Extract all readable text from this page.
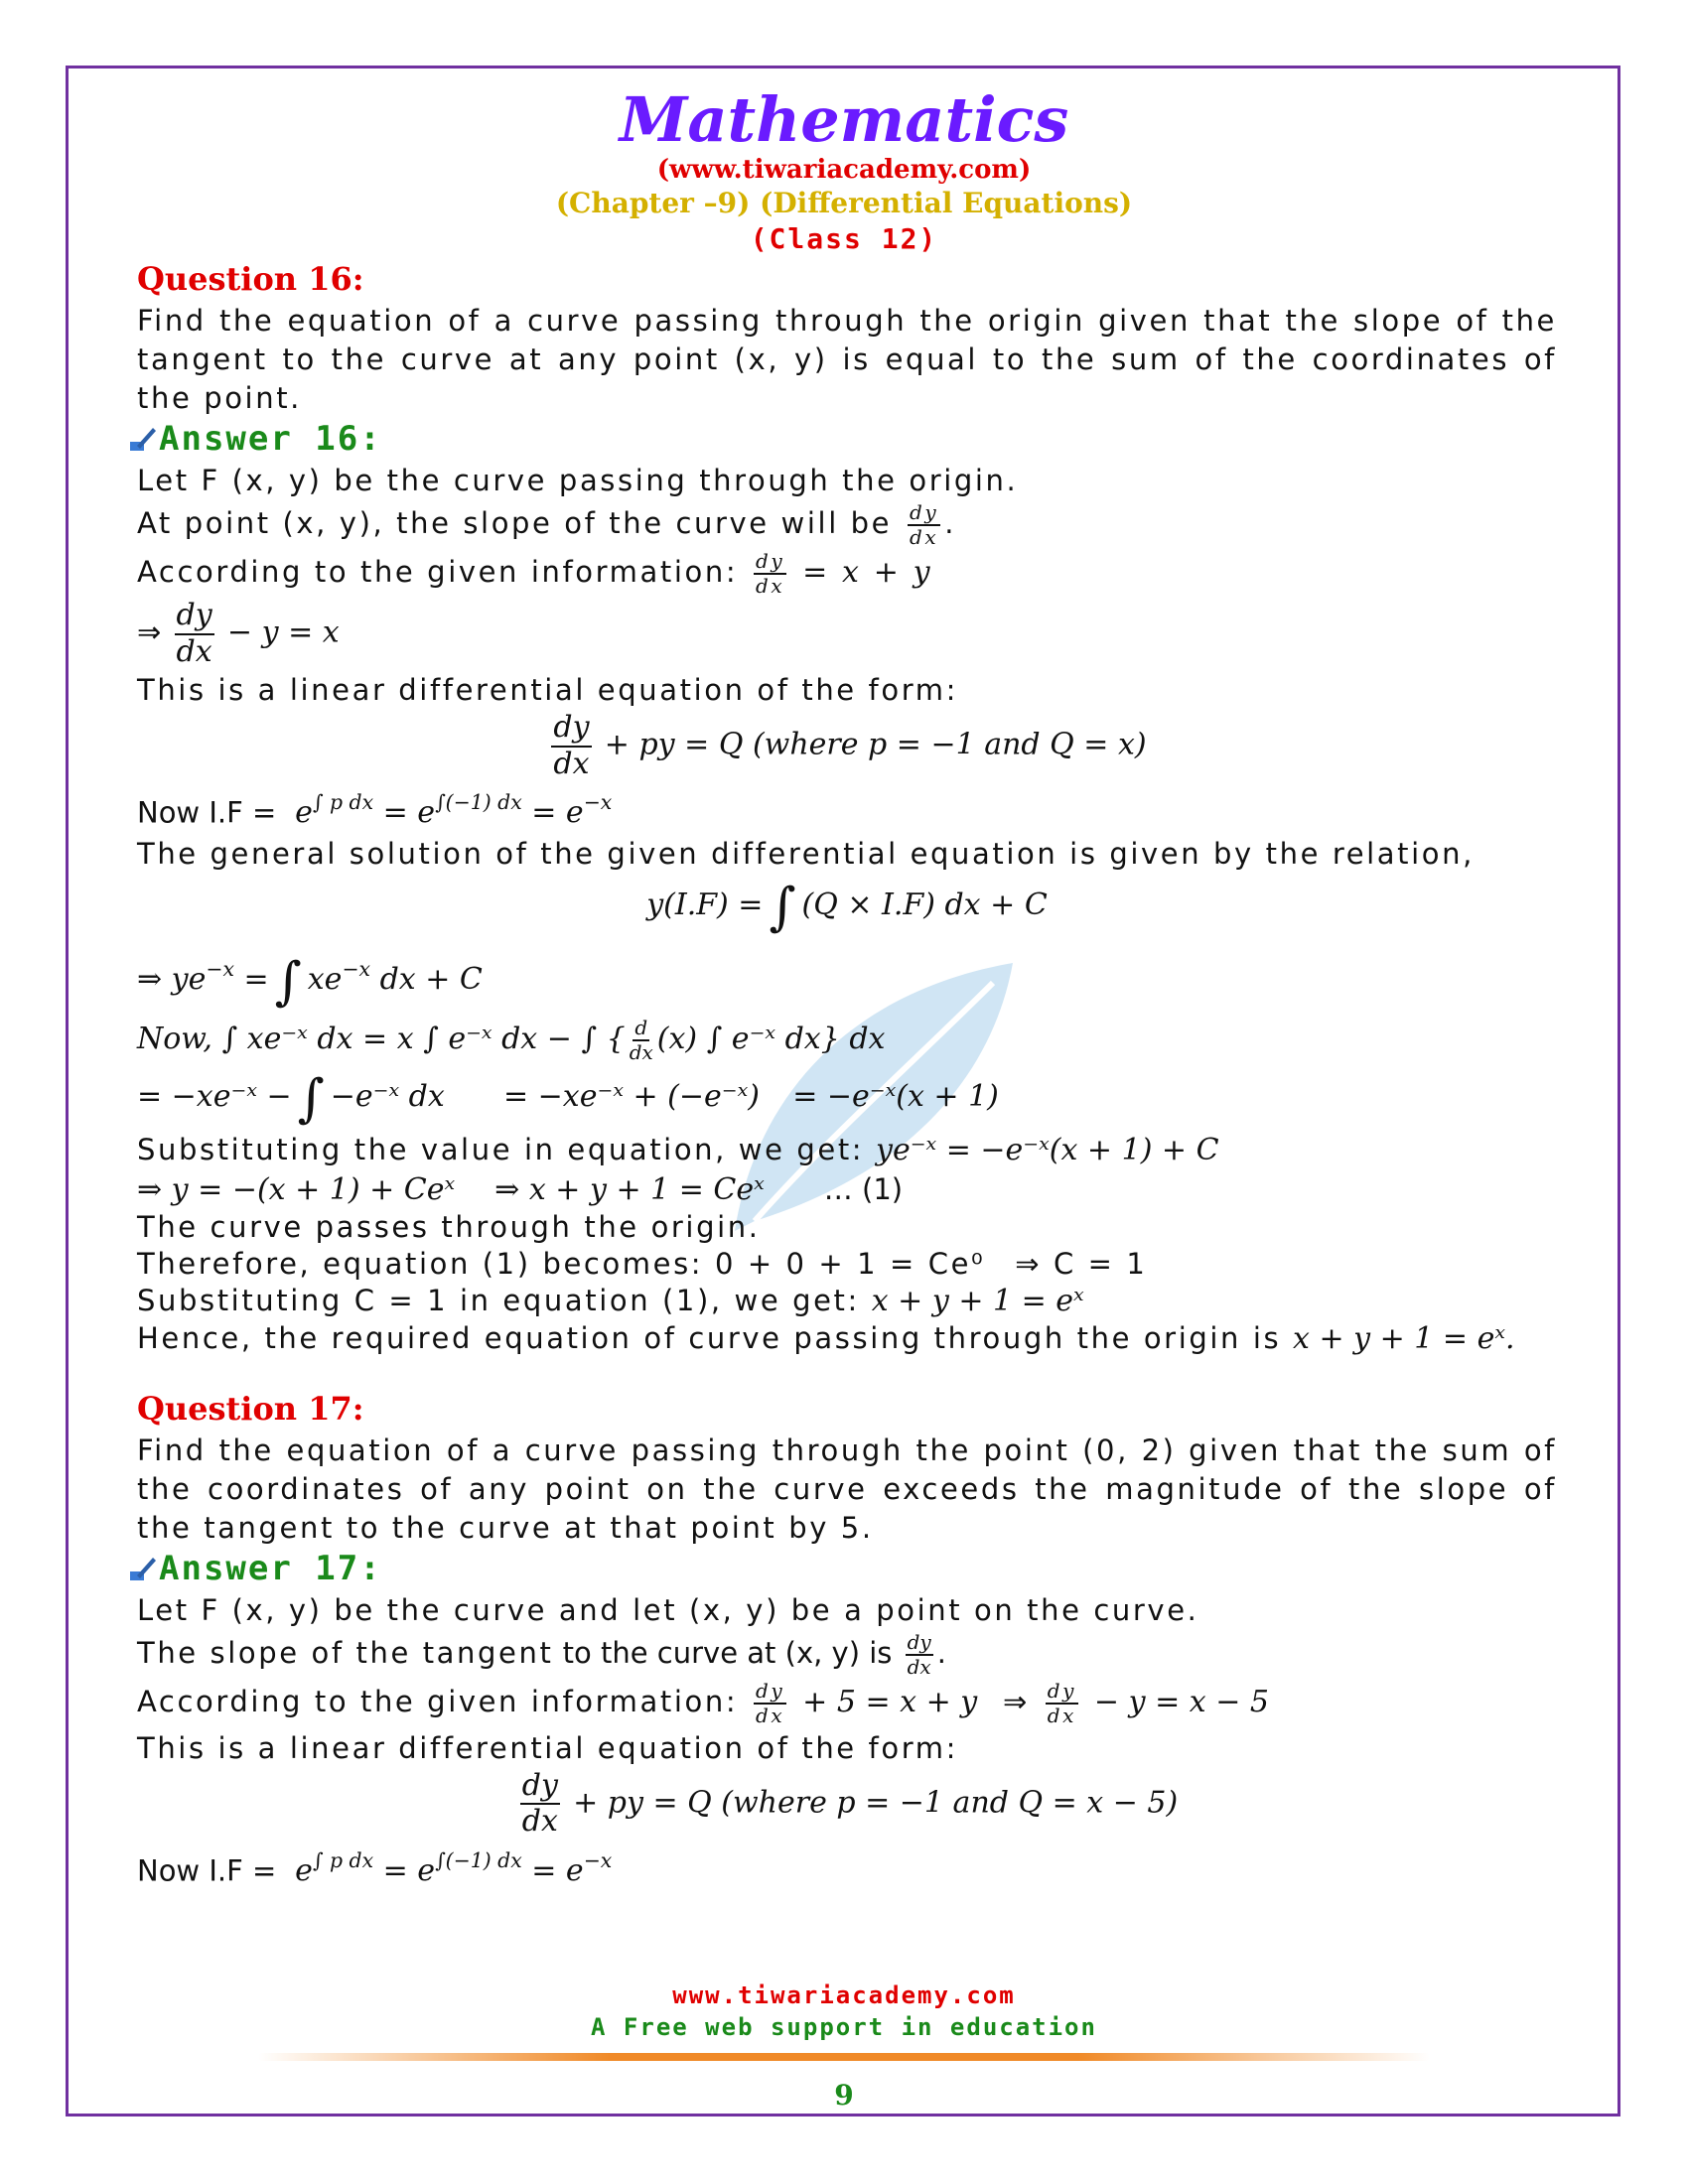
Mathematics
(www.tiwariacademy.com)
(Chapter –9) (Differential Equations)
(Class 12)
Question 16:
Find the equation of a curve passing through the origin given that the slope of the tangent to the curve at any point (x, y) is equal to the sum of the coordinates of the point.
Answer 16:
Let F (x, y) be the curve passing through the origin.
At point (x, y), the slope of the curve will be $\frac{dy}{dx}$ .
According to the given information: $\frac{dy}{dx} = x + y$
⇒ $\frac{dy}{dx} - y = x$
This is a linear differential equation of the form:
$\frac{dy}{dx}$ + py = Q (where p = −1 and Q = x)
Now $I.F = e^{\int p dx} = e^{\int(-1) dx} = e^{-x}$
The general solution of the given differential equation is given by the relation,
y(I.F) = ∫ (Q × I.F) dx + C
⇒ $ye^{-x}$ = ∫ $xe^{-x}$ dx + C
Now, ∫ xe⁻ˣ dx = x ∫ e⁻ˣ dx − ∫ { $\frac{d}{dx} (x)$ ∫ e⁻ˣ dx} dx
= −xe⁻ˣ − ∫ −e⁻ˣ dx = −xe⁻ˣ + (−e⁻ˣ) = −e⁻ˣ(x + 1)
Substituting the value in equation, we get: ye⁻ˣ = −e⁻ˣ(x + 1) + C
⇒ y = −(x + 1) + Ceˣ ⇒ x + y + 1 = Ceˣ … (1)
The curve passes through the origin.
Therefore, equation (1) becomes: 0 + 0 + 1 = Ce⁰ ⇒ C = 1
Substituting C = 1 in equation (1), we get: x + y + 1 = eˣ
Hence, the required equation of curve passing through the origin is x + y + 1 = eˣ.
Question 17:
Find the equation of a curve passing through the point (0, 2) given that the sum of the coordinates of any point on the curve exceeds the magnitude of the slope of the tangent to the curve at that point by 5.
Answer 17:
Let F (x, y) be the curve and let (x, y) be a point on the curve.
The slope of the tangent to the curve at (x, y) is $\frac{dy}{dx}$ .
According to the given information: $\frac{dy}{dx} + 5 = x + y$ ⇒ $\frac{dy}{dx} - y = x - 5$
This is a linear differential equation of the form:
$\frac{dy}{dx}$ + py = Q (where p = −1 and Q = x − 5)
Now $I.F = e^{\int p dx} = e^{\int(-1) dx} = e^{-x}$
www.tiwariacademy.com
A Free web support in education
9
